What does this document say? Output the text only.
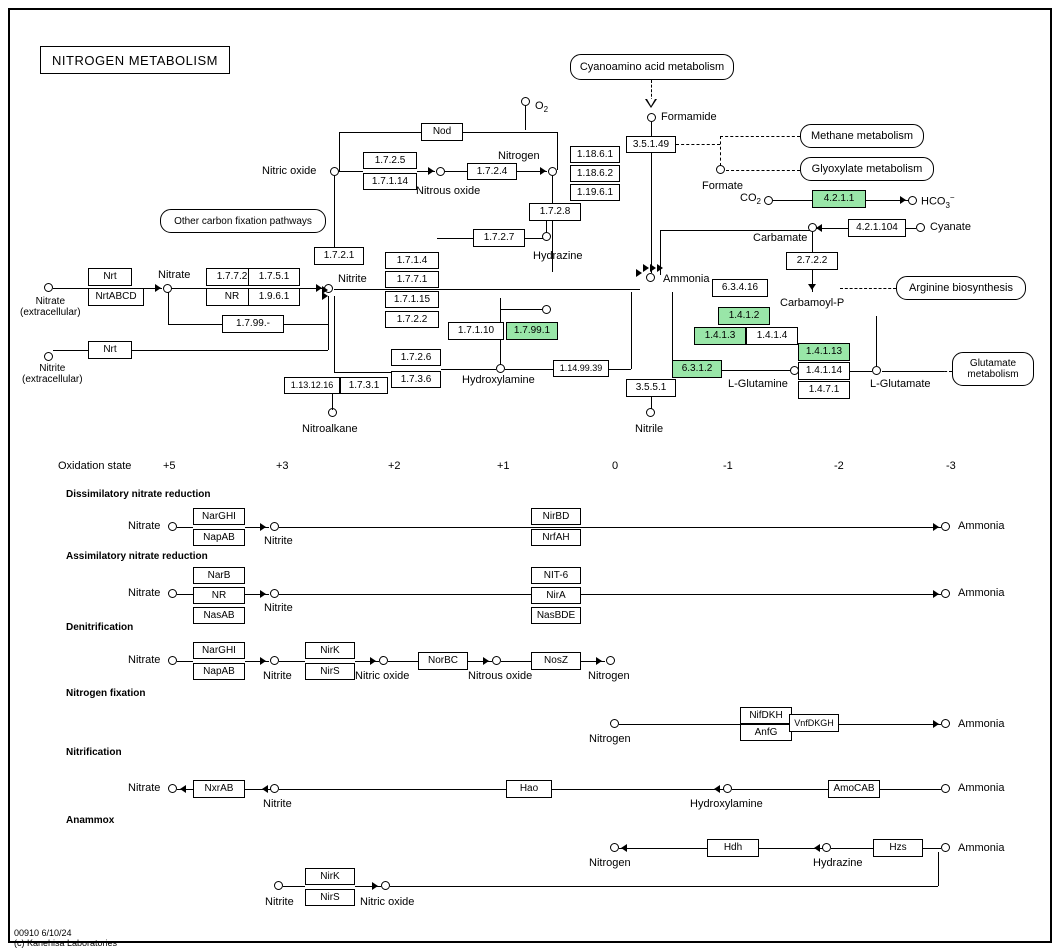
NITROGEN METABOLISM	Cyanoamino acid metabolism
Methane metabolism
Glyoxylate metabolism
Other carbon fixation pathways
Arginine biosynthesis
Glutamate
metabolism
Formamide
$O_2$
Nod
Nitric oxide
1.7.2.5
1.7.1.14
Nitrous oxide
1.7.2.4
Nitrogen	1.18.6.1
1.18.6.2
1.19.6.1
3.5.1.49
Formate
$CO_2$	4.2.1.1	$HCO_3^-$
4.2.1.104	Cyanate
Carbamate
2.7.2.2
Carbamoyl-P
6.3.4.16
1.7.2.8
1.7.2.7
Hydrazine
Ammonia
Nitrate
(extracellular)
Nitrite
(extracellular)
Nrt
NrtABCD
Nrt
Nitrate	1.7.7.2	1.7.5.1
NR	1.9.6.1
Nitrite
1.7.99.-
1.7.2.1	1.7.1.4
1.7.7.1
1.7.1.15
1.7.2.2
Hydroxylamine
1.7.1.10	1.7.99.1
1.7.2.6
1.7.3.6
1.14.99.39
1.13.12.16	1.7.3.1
Nitroalkane
3.5.5.1
Nitrile
1.4.1.2
1.4.1.3	1.4.1.4
1.4.1.13
6.3.1.2	1.4.1.14
1.4.7.1
L-Glutamine	L-Glutamate
Oxidation state	+5	+3	+2	+1	0	-1	-2	-3
Dissimilatory nitrate reduction
Nitrate
NarGHI
NapAB	Nitrite
NirBD
NrfAH
Ammonia
Assimilatory nitrate reduction
Nitrate
NarB
NR
NasAB
Nitrite
NIT-6
NirA
NasBDE
Ammonia
Denitrification
Nitrate
NarGHI
NapAB	Nitrite
NirK
NirS	Nitric oxide
NorBC
Nitrous oxide
NosZ
Nitrogen
Nitrogen fixation
Nitrogen
NifDKH
AnfG
VnfDKGH	Ammonia
Nitrification
Nitrate	NxrAB
Nitrite
Hao
Hydroxylamine
AmoCAB	Ammonia
Anammox
Nitrogen
Hdh
Hydrazine
Hzs	Ammonia
Nitrite
NirK
NirS	Nitric oxide
00910 6/10/24
(c) Kanehisa Laboratories
